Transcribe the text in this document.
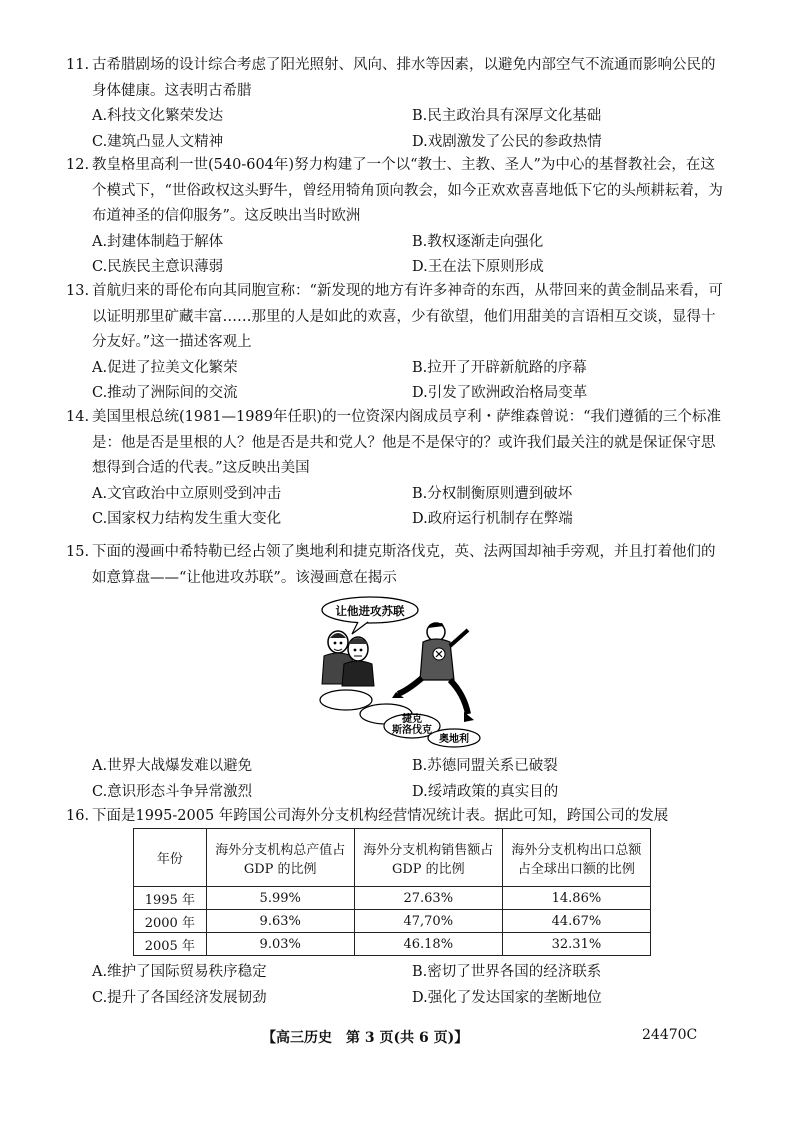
11. 古希腊剧场的设计综合考虑了阳光照射、风向、排水等因素，以避免内部空气不流通而影响公民的身体健康。这表明古希腊
A.科技文化繁荣发达	B.民主政治具有深厚文化基础
C.建筑凸显人文精神	D.戏剧激发了公民的参政热情
12. 教皇格里高利一世(540-604年)努力构建了一个以“教士、主教、圣人”为中心的基督教社会，在这个模式下，“世俗政权这头野牛，曾经用犄角顶向教会，如今正欢欢喜喜地低下它的头颅耕耘着，为布道神圣的信仰服务”。这反映出当时欧洲
A.封建体制趋于解体	B.教权逐渐走向强化
C.民族民主意识薄弱	D.王在法下原则形成
13. 首航归来的哥伦布向其同胞宣称：“新发现的地方有许多神奇的东西，从带回来的黄金制品来看，可以证明那里矿藏丰富……那里的人是如此的欢喜，少有欲望，他们用甜美的言语相互交谈，显得十分友好。”这一描述客观上
A.促进了拉美文化繁荣	B.拉开了开辟新航路的序幕
C.推动了洲际间的交流	D.引发了欧洲政治格局变革
14. 美国里根总统(1981—1989年任职)的一位资深内阁成员亨利・萨维森曾说：“我们遵循的三个标准是：他是否是里根的人？他是否是共和党人？他是不是保守的？或许我们最关注的就是保证保守思想得到合适的代表。”这反映出美国
A.文官政治中立原则受到冲击	B.分权制衡原则遭到破坏
C.国家权力结构发生重大变化	D.政府运行机制存在弊端
15. 下面的漫画中希特勒已经占领了奥地利和捷克斯洛伐克，英、法两国却袖手旁观，并且打着他们的如意算盘——“让他进攻苏联”。该漫画意在揭示
让他进攻苏联
捷克
斯洛伐克
奥地利
A.世界大战爆发难以避免	B.苏德同盟关系已破裂
C.意识形态斗争异常激烈	D.绥靖政策的真实目的
16. 下面是1995-2005 年跨国公司海外分支机构经营情况统计表。据此可知，跨国公司的发展
年份	海外分支机构总产值占 GDP 的比例	海外分支机构销售额占 GDP 的比例	海外分支机构出口总额占全球出口额的比例
1995 年	5.99%	27.63%	14.86%
2000 年	9.63%	47,70%	44.67%
2005 年	9.03%	46.18%	32.31%
A.维护了国际贸易秩序稳定	B.密切了世界各国的经济联系
C.提升了各国经济发展韧劲	D.强化了发达国家的垄断地位
【高三历史　第 3 页(共 6 页)】	24470C
